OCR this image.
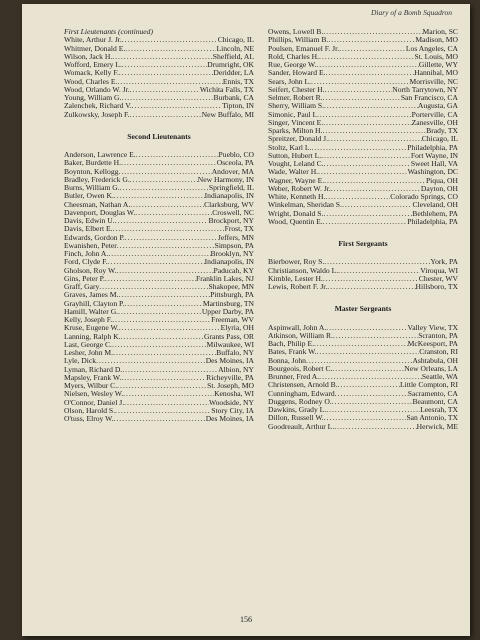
Diary of a Bomb Squadron
First Lieutenants (continued)
White, Arthur J. Jr. .....	Chicago, IL
Whitmer, Donald E. .....	Lincoln, NE
Wilson, Jack H. .....	Sheffield, AL
Wofford, Emery L. .....	Drumright, OK
Womack, Kelly F. .....	Deridder, LA
Wood, Charles E. .....	Ennis, TX
Wood, Orlando W. Jr. .....	Wichita Falls, TX
Young, William G. .....	Burbank, CA
Zalenchek, Richard V. .....	Tipton, IN
Zulkowsky, Joseph F. .....	New Buffalo, MI
Second Lieutenants
Anderson, Lawrence E. .....	Pueblo, CO
Baker, Burdette H. .....	Osceola, PA
Boynton, Kellogg .....	Andover, MA
Bradley, Frederick G. .....	New Harmony, IN
Burns, William G. .....	Springfield, IL
Butler, Owen K. .....	Indianapolis, IN
Cheesman, Nathan A. .....	Clarksburg, WV
Davenport, Douglas W. .....	Croswell, NC
Davis, Edwin U. .....	Brockport, NY
Davis, Elbert E. .....	Frost, TX
Edwards, Gordon P. .....	Jeffers, MN
Ewanishen, Peter .....	Simpson, PA
Finch, John A. .....	Brooklyn, NY
Ford, Clyde F. .....	Indianapolis, IN
Gholson, Roy W. .....	Paducah, KY
Gins, Peter P. .....	Franklin Lakes, NJ
Graff, Gary .....	Shakopee, MN
Graves, James M. .....	Pittsburgh, PA
Grayhill, Clayton P. .....	Martinsburg, TN
Hamill, Walter G. .....	Upper Darby, PA
Kelly, Joseph F. .....	Freeman, WV
Kruse, Eugene W. .....	Elyria, OH
Lanning, Ralph K. .....	Grants Pass, OR
Last, George C. .....	Milwaukee, WI
Lesher, John M. .....	Buffalo, NY
Lyle, Dick .....	Des Moines, IA
Lyman, Richard D. .....	Albion, NY
Mapsley, Frank W. .....	Richeyville, PA
Myers, Wilbur C. .....	St. Joseph, MO
Nielsen, Wesley W. .....	Kenosha, WI
O'Connor, Daniel J. .....	Woodside, NY
Olson, Harold S. .....	Story City, IA
O'tuss, Elroy W. .....	Des Moines, IA
Owens, Lowell B. .....	Marion, SC
Phillips, William B. .....	Madison, MO
Poulsen, Emanuel F. Jr. .....	Los Angeles, CA
Rold, Charles H. .....	St. Louis, MO
Rue, George W. .....	Gillette, WY
Sander, Howard E. .....	Hannibal, MO
Sears, John L. .....	Morrisville, NC
Seifert, Chester H. .....	North Tarrytown, NY
Selmer, Robert R. .....	San Francisco, CA
Sherry, William S. .....	Augusta, GA
Simonic, Paul I. .....	Porterville, CA
Singer, Vincent E. .....	Zanesville, OH
Sparks, Milton H. .....	Brady, TX
Spreitzer, Donald J. .....	Chicago, IL
Stoltz, Karl L. .....	Philadelphia, PA
Sutton, Hubert L. .....	Fort Wayne, IN
Vought, Leland C. .....	Sweet Hall, VA
Wade, Walter H. .....	Washington, DC
Wagner, Wayne E. .....	Piqua, OH
Weber, Robert W. Jr. .....	Dayton, OH
White, Kenneth H. .....	Colorado Springs, CO
Winkelman, Sheridan S. .....	Cleveland, OH
Wright, Donald S. .....	Bethlehem, PA
Wood, Quentin E. .....	Philadelphia, PA
First Sergeants
Bierbower, Roy S. .....	York, PA
Christianson, Waldo L. .....	Viroqua, WI
Kimble, Lester H. .....	Chester, WV
Lewis, Robert F. Jr. .....	Hillsboro, TX
Master Sergeants
Aspinwall, John A. .....	Valley View, TX
Atkinson, William R. .....	Scranton, PA
Bach, Philip E. .....	McKeesport, PA
Bates, Frank W. .....	Cranston, RI
Bonna, John .....	Ashtabula, OH
Bourgeois, Robert C. .....	New Orleans, LA
Brunner, Fred A. .....	Seattle, WA
Christensen, Arnold B. .....	Little Compton, RI
Cunningham, Edward .....	Sacramento, CA
Duggens, Rodney O. .....	Beaumont, CA
Dawkins, Grady L. .....	Leesrah, TX
Dillon, Russell W. .....	San Antonio, TX
Goodreault, Arthur L. .....	Herwick, ME
156
